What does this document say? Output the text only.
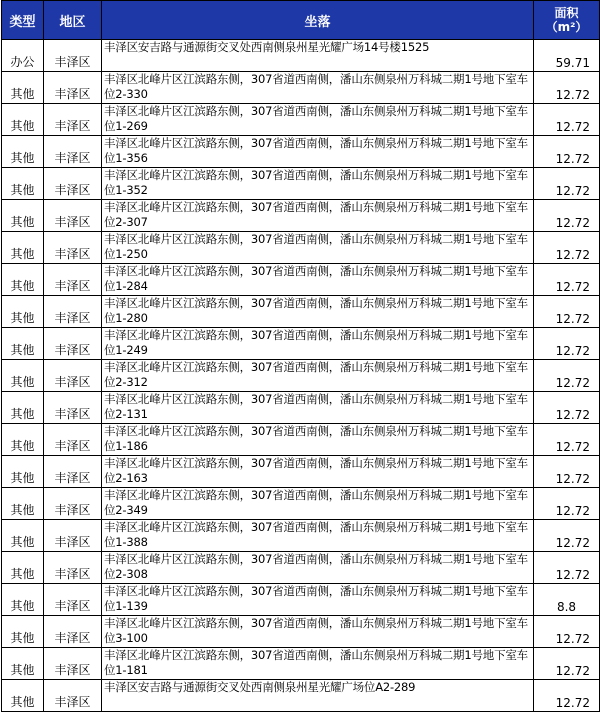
类型	地区	坐落	面积
（m²）

办公	丰泽区	丰泽区安吉路与通源街交叉处西南侧泉州星光耀广场14号楼1525	59.71
其他	丰泽区	丰泽区北峰片区江滨路东侧，307省道西南侧，潘山东侧泉州万科城二期1号地下室车位2-330	12.72
其他	丰泽区	丰泽区北峰片区江滨路东侧，307省道西南侧，潘山东侧泉州万科城二期1号地下室车位1-269	12.72
其他	丰泽区	丰泽区北峰片区江滨路东侧，307省道西南侧，潘山东侧泉州万科城二期1号地下室车位1-356	12.72
其他	丰泽区	丰泽区北峰片区江滨路东侧，307省道西南侧，潘山东侧泉州万科城二期1号地下室车位1-352	12.72
其他	丰泽区	丰泽区北峰片区江滨路东侧，307省道西南侧，潘山东侧泉州万科城二期1号地下室车位2-307	12.72
其他	丰泽区	丰泽区北峰片区江滨路东侧，307省道西南侧，潘山东侧泉州万科城二期1号地下室车位1-250	12.72
其他	丰泽区	丰泽区北峰片区江滨路东侧，307省道西南侧，潘山东侧泉州万科城二期1号地下室车位1-284	12.72
其他	丰泽区	丰泽区北峰片区江滨路东侧，307省道西南侧，潘山东侧泉州万科城二期1号地下室车位1-280	12.72
其他	丰泽区	丰泽区北峰片区江滨路东侧，307省道西南侧，潘山东侧泉州万科城二期1号地下室车位1-249	12.72
其他	丰泽区	丰泽区北峰片区江滨路东侧，307省道西南侧，潘山东侧泉州万科城二期1号地下室车位2-312	12.72
其他	丰泽区	丰泽区北峰片区江滨路东侧，307省道西南侧，潘山东侧泉州万科城二期1号地下室车位2-131	12.72
其他	丰泽区	丰泽区北峰片区江滨路东侧，307省道西南侧，潘山东侧泉州万科城二期1号地下室车位1-186	12.72
其他	丰泽区	丰泽区北峰片区江滨路东侧，307省道西南侧，潘山东侧泉州万科城二期1号地下室车位2-163	12.72
其他	丰泽区	丰泽区北峰片区江滨路东侧，307省道西南侧，潘山东侧泉州万科城二期1号地下室车位2-349	12.72
其他	丰泽区	丰泽区北峰片区江滨路东侧，307省道西南侧，潘山东侧泉州万科城二期1号地下室车位1-388	12.72
其他	丰泽区	丰泽区北峰片区江滨路东侧，307省道西南侧，潘山东侧泉州万科城二期1号地下室车位2-308	12.72
其他	丰泽区	丰泽区北峰片区江滨路东侧，307省道西南侧，潘山东侧泉州万科城二期1号地下室车位1-139	8.8
其他	丰泽区	丰泽区北峰片区江滨路东侧，307省道西南侧，潘山东侧泉州万科城二期1号地下室车位3-100	12.72
其他	丰泽区	丰泽区北峰片区江滨路东侧，307省道西南侧，潘山东侧泉州万科城二期1号地下室车位1-181	12.72
其他	丰泽区	丰泽区安吉路与通源街交叉处西南侧泉州星光耀广场位A2-289	12.72
